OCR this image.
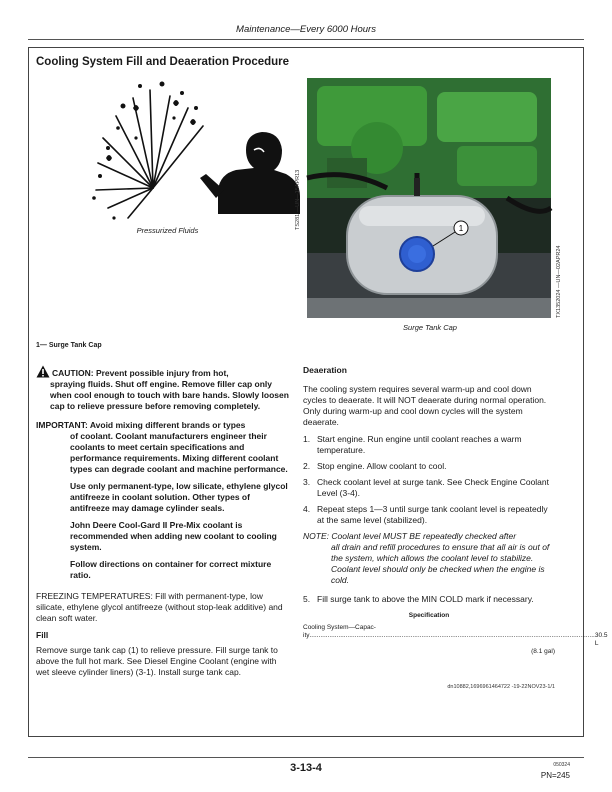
Maintenance—Every 6000 Hours
Cooling System Fill and Deaeration Procedure
Pressurized Fluids
TS281 —UN—15APR13	1
Surge Tank Cap
TX1352024 —UN—02APR24
1— Surge Tank Cap
CAUTION: Prevent possible injury from hot,
spraying fluids. Shut off engine. Remove filler cap only when cool enough to touch with bare hands. Slowly loosen cap to relieve pressure before removing completely.
IMPORTANT: Avoid mixing different brands or types
of coolant. Coolant manufacturers engineer their coolants to meet certain specifications and performance requirements. Mixing different coolant types can degrade coolant and machine performance.
Use only permanent-type, low silicate, ethylene glycol antifreeze in coolant solution. Other types of antifreeze may damage cylinder seals.
John Deere Cool-Gard II Pre-Mix coolant is recommended when adding new coolant to cooling system.
Follow directions on container for correct mixture ratio.
FREEZING TEMPERATURES: Fill with permanent-type, low silicate, ethylene glycol antifreeze (without stop-leak additive) and clean soft water.
Fill
Remove surge tank cap (1) to relieve pressure. Fill surge tank to above the full hot mark. See Diesel Engine Coolant (engine with wet sleeve cylinder liners) (3-1). Install surge tank cap.
Deaeration
The cooling system requires several warm-up and cool down cycles to deaerate. It will NOT deaerate during normal operation. Only during warm-up and cool down cycles will the system deaerate.
1. Start engine. Run engine until coolant reaches a warm temperature.
2. Stop engine. Allow coolant to cool.
3. Check coolant level at surge tank. See Check Engine Coolant Level (3-4).
4. Repeat steps 1—3 until surge tank coolant level is repeatedly at the same level (stabilized).
NOTE: Coolant level MUST BE repeatedly checked after
all drain and refill procedures to ensure that all air is out of the system, which allows the coolant level to stabilize. Coolant level should only be checked when the engine is cold.
5. Fill surge tank to above the MIN COLD mark if necessary.
Specification
Cooling System—Capac-
ity .............................................................................................................................................................. 30.5 L
(8.1 gal)
dn10882,1696961464722 -19-22NOV23-1/1
3-13-4	050324
PN=245
